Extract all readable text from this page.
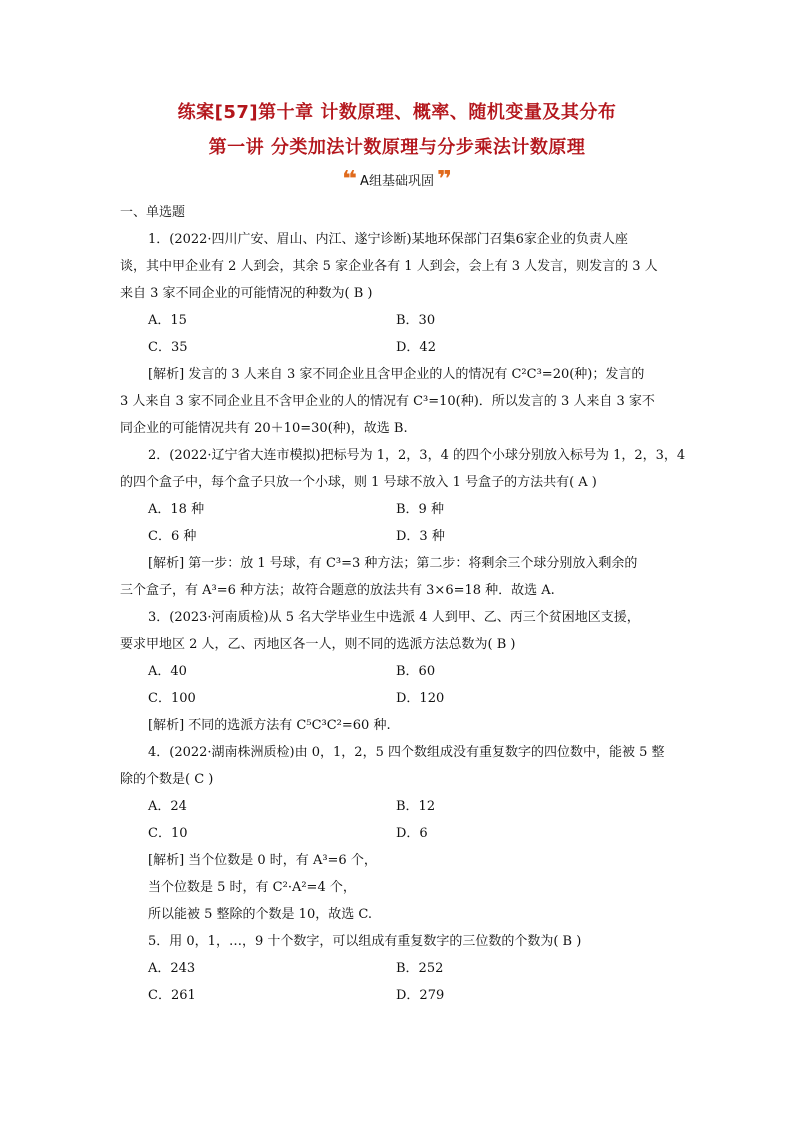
练案[57]第十章 计数原理、概率、随机变量及其分布
第一讲 分类加法计数原理与分步乘法计数原理
❝ A组基础巩固 ❞
一、单选题
1．(2022·四川广安、眉山、内江、遂宁诊断)某地环保部门召集6家企业的负责人座
谈，其中甲企业有 2 人到会，其余 5 家企业各有 1 人到会，会上有 3 人发言，则发言的 3 人
来自 3 家不同企业的可能情况的种数为( B )
A．15	B．30
C．35	D．42
[解析] 发言的 3 人来自 3 家不同企业且含甲企业的人的情况有 C²C³=20(种)；发言的
3 人来自 3 家不同企业且不含甲企业的人的情况有 C³=10(种)．所以发言的 3 人来自 3 家不
同企业的可能情况共有 20＋10=30(种)，故选 B.
2．(2022·辽宁省大连市模拟)把标号为 1，2，3，4 的四个小球分别放入标号为 1，2，3，4
的四个盒子中，每个盒子只放一个小球，则 1 号球不放入 1 号盒子的方法共有( A )
A．18 种	B．9 种
C．6 种	D．3 种
[解析] 第一步：放 1 号球，有 C³=3 种方法；第二步：将剩余三个球分别放入剩余的
三个盒子，有 A³=6 种方法；故符合题意的放法共有 3×6=18 种．故选 A.
3．(2023·河南质检)从 5 名大学毕业生中选派 4 人到甲、乙、丙三个贫困地区支援，
要求甲地区 2 人，乙、丙地区各一人，则不同的选派方法总数为( B )
A．40	B．60
C．100	D．120
[解析] 不同的选派方法有 C⁵C³C²=60 种.
4．(2022·湖南株洲质检)由 0，1，2，5 四个数组成没有重复数字的四位数中，能被 5 整
除的个数是( C )
A．24	B．12
C．10	D．6
[解析] 当个位数是 0 时，有 A³=6 个，
当个位数是 5 时，有 C²·A²=4 个，
所以能被 5 整除的个数是 10，故选 C.
5．用 0，1，…，9 十个数字，可以组成有重复数字的三位数的个数为( B )
A．243	B．252
C．261	D．279
